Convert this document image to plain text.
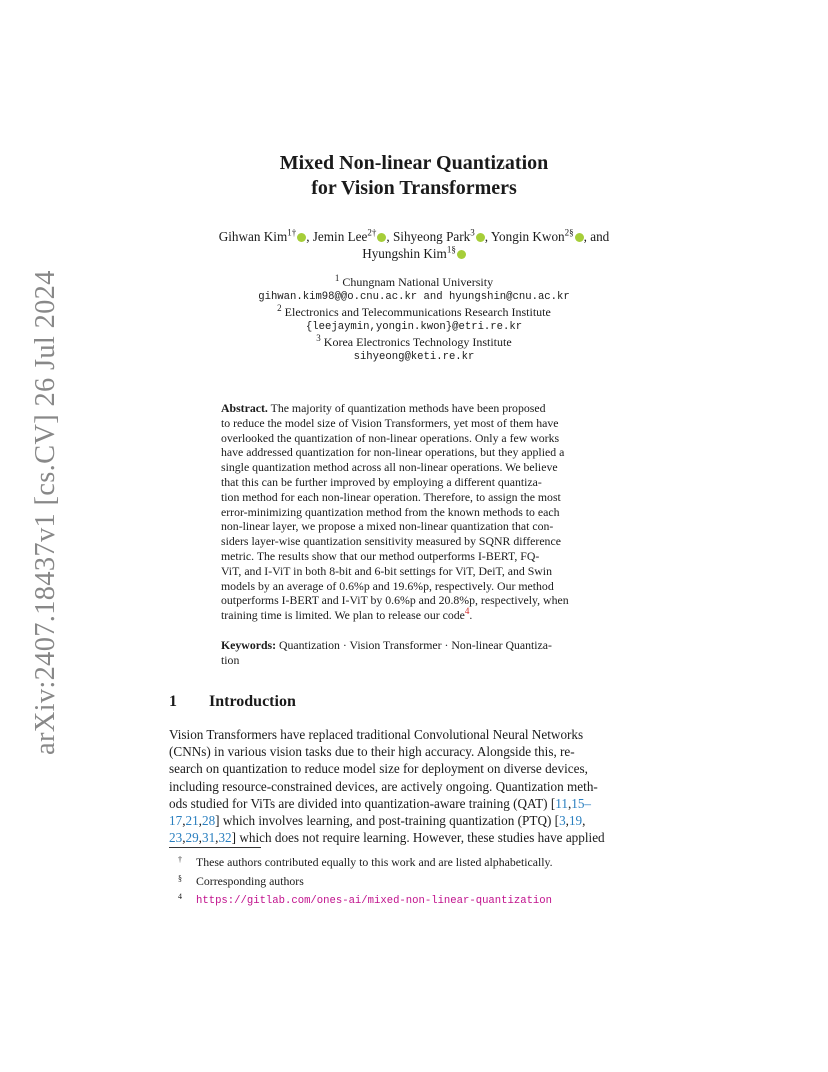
arXiv:2407.18437v1 [cs.CV] 26 Jul 2024
Mixed Non-linear Quantization
for Vision Transformers
Gihwan Kim$^{1\dagger}$ , Jemin Lee$^{2\dagger}$ , Sihyeong Park$^3$ , Yongin Kwon$^{2\S}$ , and
Hyungshin Kim$^{1\S}$
$^1$ Chungnam National University
gihwan.kim98@@o.cnu.ac.kr and hyungshin@cnu.ac.kr
$^2$ Electronics and Telecommunications Research Institute
{leejaymin,yongin.kwon}@etri.re.kr
$^3$ Korea Electronics Technology Institute
sihyeong@keti.re.kr
Abstract. The majority of quantization methods have been proposed
to reduce the model size of Vision Transformers, yet most of them have
overlooked the quantization of non-linear operations. Only a few works
have addressed quantization for non-linear operations, but they applied a
single quantization method across all non-linear operations. We believe
that this can be further improved by employing a different quantiza-
tion method for each non-linear operation. Therefore, to assign the most
error-minimizing quantization method from the known methods to each
non-linear layer, we propose a mixed non-linear quantization that con-
siders layer-wise quantization sensitivity measured by SQNR difference
metric. The results show that our method outperforms I-BERT, FQ-
ViT, and I-ViT in both 8-bit and 6-bit settings for ViT, DeiT, and Swin
models by an average of 0.6%p and 19.6%p, respectively. Our method
outperforms I-BERT and I-ViT by 0.6%p and 20.8%p, respectively, when
training time is limited. We plan to release our code$^4$.
Keywords: Quantization · Vision Transformer · Non-linear Quantiza-
tion
1 Introduction
Vision Transformers have replaced traditional Convolutional Neural Networks
(CNNs) in various vision tasks due to their high accuracy. Alongside this, re-
search on quantization to reduce model size for deployment on diverse devices,
including resource-constrained devices, are actively ongoing. Quantization meth-
ods studied for ViTs are divided into quantization-aware training (QAT) [11,15–
17,21,28] which involves learning, and post-training quantization (PTQ) [3,19,
23,29,31,32] which does not require learning. However, these studies have applied
† These authors contributed equally to this work and are listed alphabetically.
§ Corresponding authors
4 https://gitlab.com/ones-ai/mixed-non-linear-quantization
